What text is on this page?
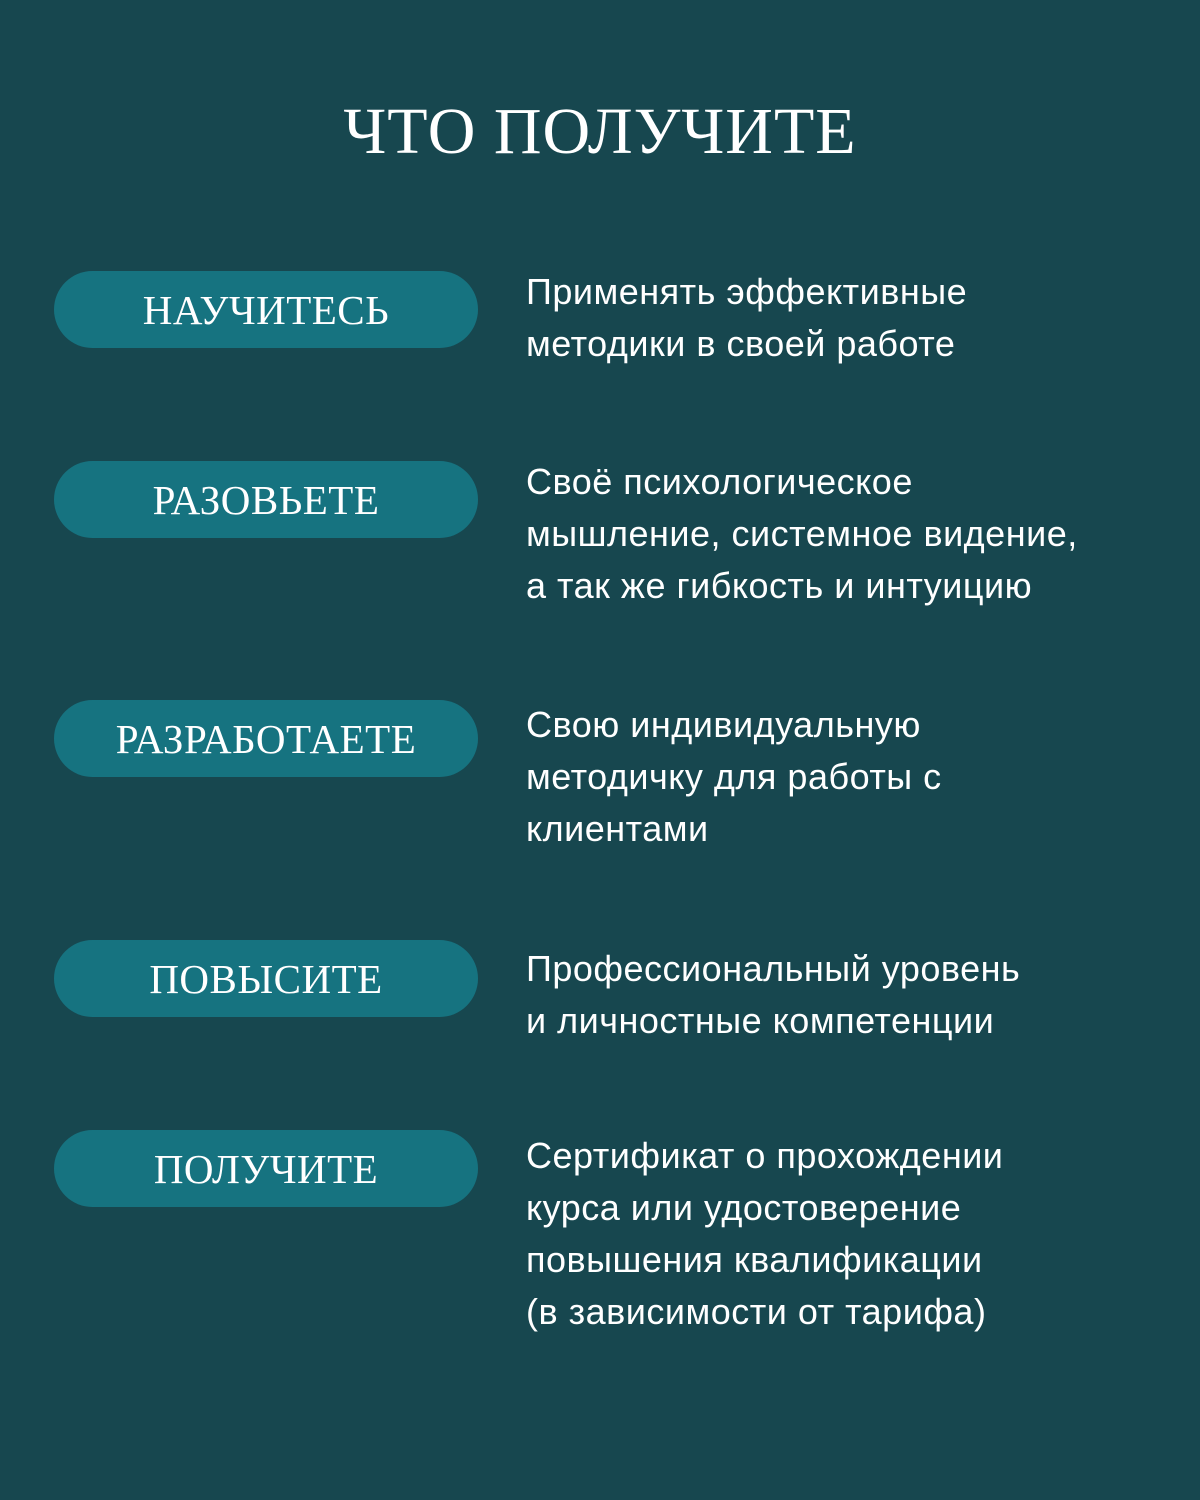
ЧТО ПОЛУЧИТЕ
НАУЧИТЕСЬ	Применять эффективные
методики в своей работе
РАЗОВЬЕТЕ	Своё психологическое
мышление, системное видение,
а так же гибкость и интуицию
РАЗРАБОТАЕТЕ	Свою индивидуальную
методичку для работы с
клиентами
ПОВЫСИТЕ	Профессиональный уровень
и личностные компетенции
ПОЛУЧИТЕ	Сертификат о прохождении
курса или удостоверение
повышения квалификации
(в зависимости от тарифа)
